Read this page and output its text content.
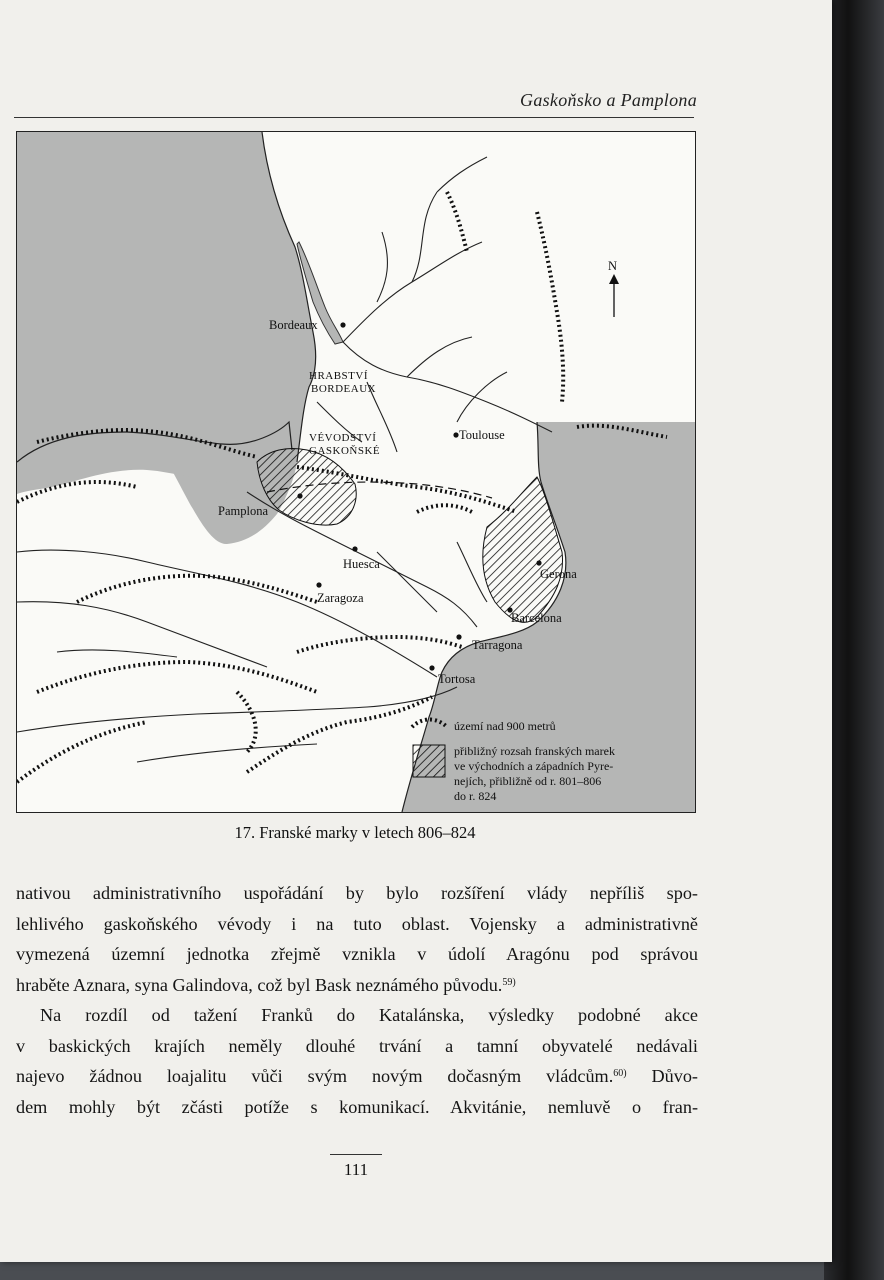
Gaskoňsko a Pamplona
N
Bordeaux
HRABSTVÍ
BORDEAUX
VÉVODSTVÍ
GASKOŇSKÉ
Toulouse
Pamplona
Huesca
Zaragoza
Gerona
Barcelona
Tarragona
Tortosa
území nad 900 metrů
přibližný rozsah franských marek
ve východních a západních Pyre-
nejích, přibližně od r. 801–806
do r. 824
17. Franské marky v letech 806–824
nativou administrativního uspořádání by bylo rozšíření vlády nepříliš spo-
lehlivého gaskoňského vévody i na tuto oblast. Vojensky a administrativně
vymezená územní jednotka zřejmě vznikla v údolí Aragónu pod správou
hraběte Aznara, syna Galindova, což byl Bask neznámého původu.$^{59)}$
Na rozdíl od tažení Franků do Katalánska, výsledky podobné akce
v baskických krajích neměly dlouhé trvání a tamní obyvatelé nedávali
najevo žádnou loajalitu vůči svým novým dočasným vládcům.$^{60)}$ Důvo-
dem mohly být zčásti potíže s komunikací. Akvitánie, nemluvě o fran-
111
